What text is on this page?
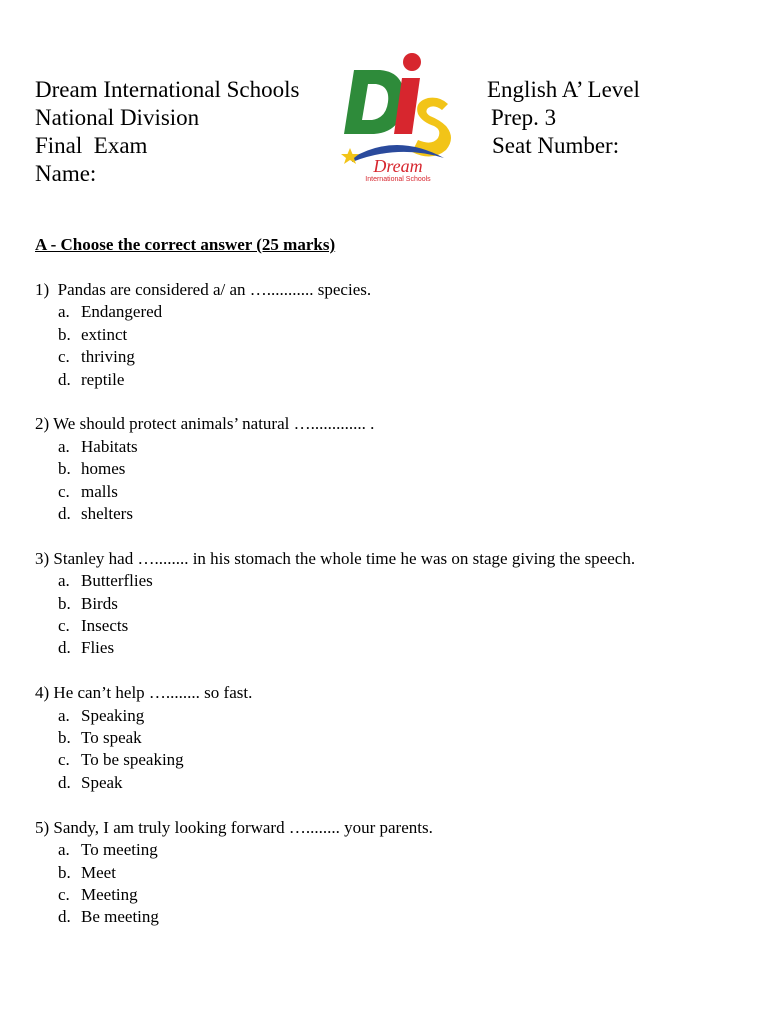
Dream International Schools
National Division
Final  Exam
Name:
English A’ Level
Prep. 3
Seat Number:
Dream
International Schools
A - Choose the correct answer (25 marks)
1)  Pandas are considered a/ an …........... species.
a. Endangered
b. extinct
c. thriving
d. reptile
2) We should protect animals’ natural …............. .
a. Habitats
b. homes
c. malls
d. shelters
3) Stanley had …........ in his stomach the whole time he was on stage giving the speech.
a. Butterflies
b. Birds
c. Insects
d. Flies
4) He can’t help …........ so fast.
a. Speaking
b. To speak
c. To be speaking
d. Speak
5) Sandy, I am truly looking forward …........ your parents.
a. To meeting
b. Meet
c. Meeting
d. Be meeting
